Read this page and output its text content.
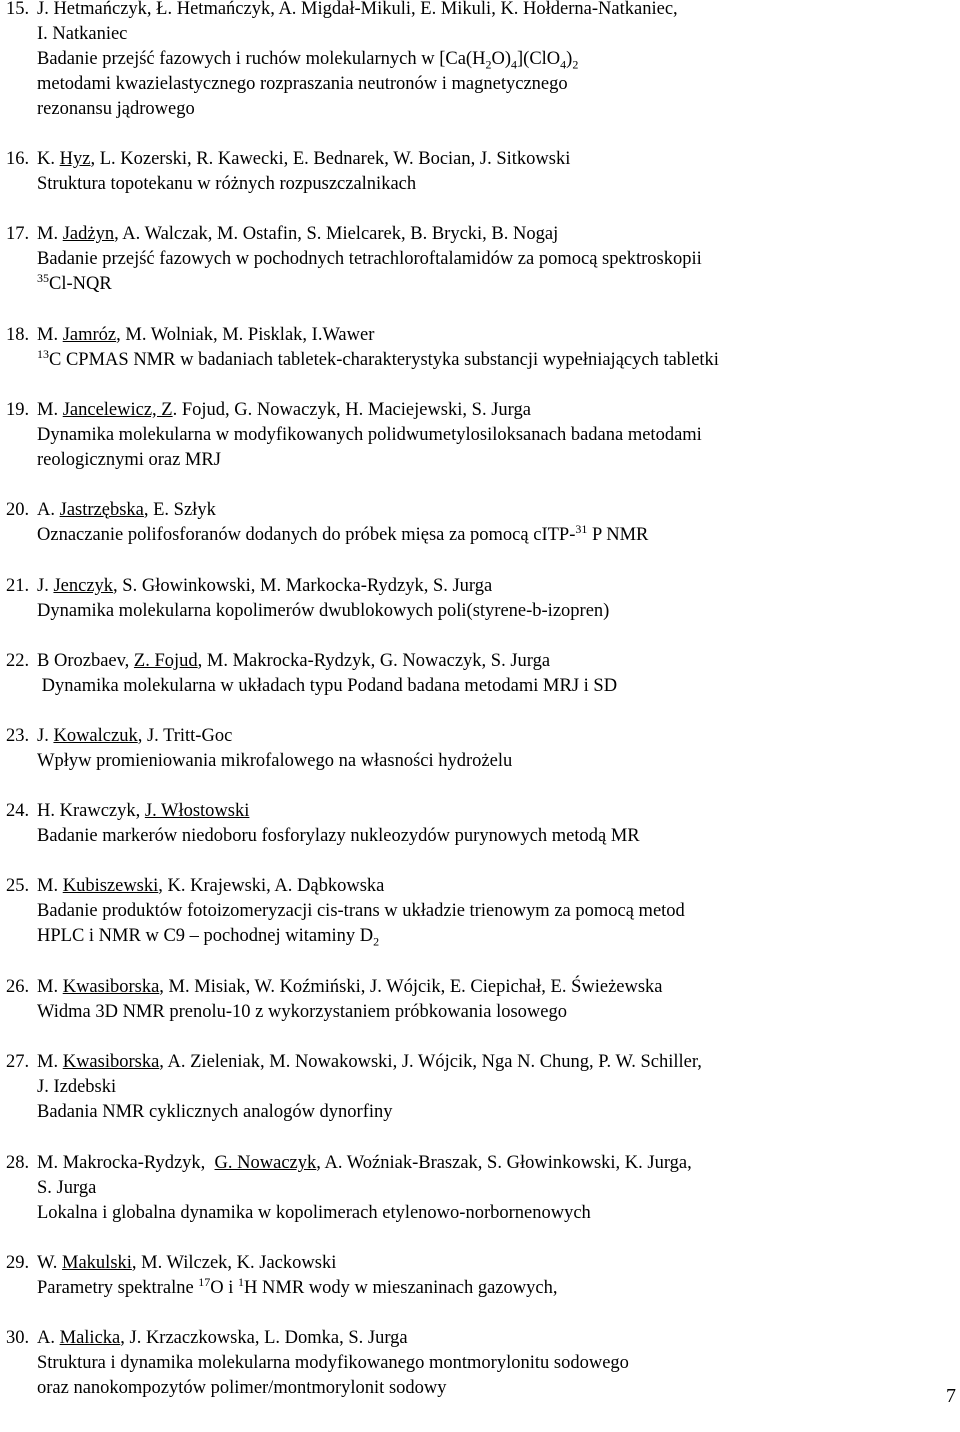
15. J. Hetmańczyk, Ł. Hetmańczyk, A. Migdał-Mikuli, E. Mikuli, K. Hołderna-Natkaniec,
I. Natkaniec
Badanie przejść fazowych i ruchów molekularnych w $[Ca(H_2O)_4](ClO_4)_2$
metodami kwazielastycznego rozpraszania neutronów i magnetycznego
rezonansu jądrowego
16. K. Hyz, L. Kozerski, R. Kawecki, E. Bednarek, W. Bocian, J. Sitkowski
Struktura topotekanu w różnych rozpuszczalnikach
17. M. Jadżyn, A. Walczak, M. Ostafin, S. Mielcarek, B. Brycki, B. Nogaj
Badanie przejść fazowych w pochodnych tetrachloroftalamidów za pomocą spektroskopii
$^{35}$Cl-NQR
18. M. Jamróz, M. Wolniak, M. Pisklak, I.Wawer
$^{13}$C CPMAS NMR w badaniach tabletek-charakterystyka substancji wypełniających tabletki
19. M. Jancelewicz, Z. Fojud, G. Nowaczyk, H. Maciejewski, S. Jurga
Dynamika molekularna w modyfikowanych polidwumetylosiloksanach badana metodami
reologicznymi oraz MRJ
20. A. Jastrzębska, E. Szłyk
Oznaczanie polifosforanów dodanych do próbek mięsa za pomocą cITP-$^{31}$ P NMR
21. J. Jenczyk, S. Głowinkowski, M. Markocka-Rydzyk, S. Jurga
Dynamika molekularna kopolimerów dwublokowych poli(styrene-b-izopren)
22. B Orozbaev, Z. Fojud, M. Makrocka-Rydzyk, G. Nowaczyk, S. Jurga
Dynamika molekularna w układach typu Podand badana metodami MRJ i SD
23. J. Kowalczuk, J. Tritt-Goc
Wpływ promieniowania mikrofalowego na własności hydrożelu
24. H. Krawczyk, J. Włostowski
Badanie markerów niedoboru fosforylazy nukleozydów purynowych metodą MR
25. M. Kubiszewski, K. Krajewski, A. Dąbkowska
Badanie produktów fotoizomeryzacji cis-trans w układzie trienowym za pomocą metod
HPLC i NMR w C9 – pochodnej witaminy $D_2$
26. M. Kwasiborska, M. Misiak, W. Koźmiński, J. Wójcik, E. Ciepichał, E. Świeżewska
Widma 3D NMR prenolu-10 z wykorzystaniem próbkowania losowego
27. M. Kwasiborska, A. Zieleniak, M. Nowakowski, J. Wójcik, Nga N. Chung, P. W. Schiller,
J. Izdebski
Badania NMR cyklicznych analogów dynorfiny
28. M. Makrocka-Rydzyk,  G. Nowaczyk, A. Woźniak-Braszak, S. Głowinkowski, K. Jurga,
S. Jurga
Lokalna i globalna dynamika w kopolimerach etylenowo-norbornenowych
29. W. Makulski, M. Wilczek, K. Jackowski
Parametry spektralne $^{17}$O i $^1$H NMR wody w mieszaninach gazowych,
30. A. Malicka, J. Krzaczkowska, L. Domka, S. Jurga
Struktura i dynamika molekularna modyfikowanego montmorylonitu sodowego
oraz nanokompozytów polimer/montmorylonit sodowy	7
